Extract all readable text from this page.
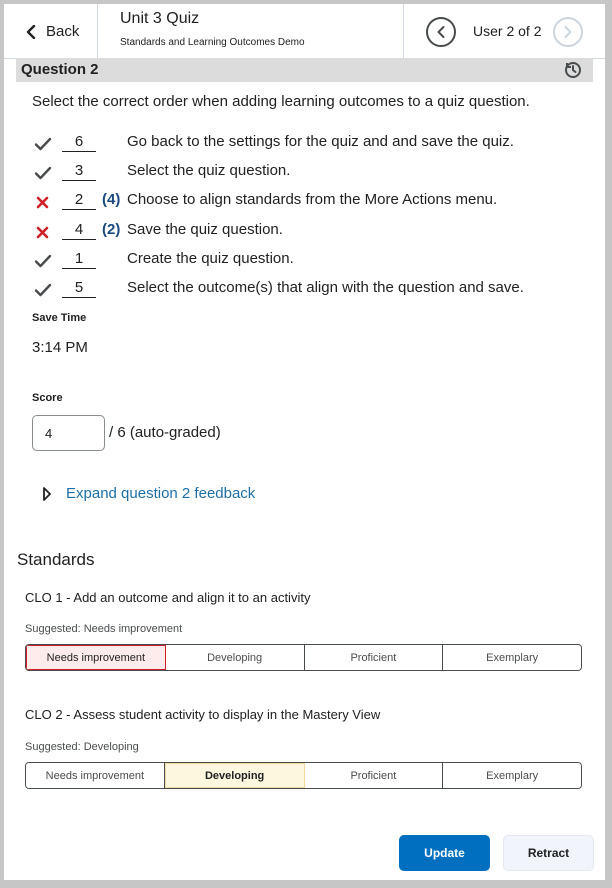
Back
Unit 3 Quiz
Standards and Learning Outcomes Demo
User 2 of 2
Question 2
Select the correct order when adding learning outcomes to a quiz question.
6	Go back to the settings for the quiz and and save the quiz.
3	Select the quiz question.
2	(4) Choose to align standards from the More Actions menu.
4	(2) Save the quiz question.
1	Create the quiz question.
5	Select the outcome(s) that align with the question and save.
Save Time
3:14 PM
Score
4	/ 6 (auto-graded)
Expand question 2 feedback
Standards
CLO 1 - Add an outcome and align it to an activity
Suggested: Needs improvement
Needs improvement	Developing	Proficient	Exemplary
CLO 2 - Assess student activity to display in the Mastery View
Suggested: Developing
Needs improvement	Developing	Proficient	Exemplary
Update	Retract
